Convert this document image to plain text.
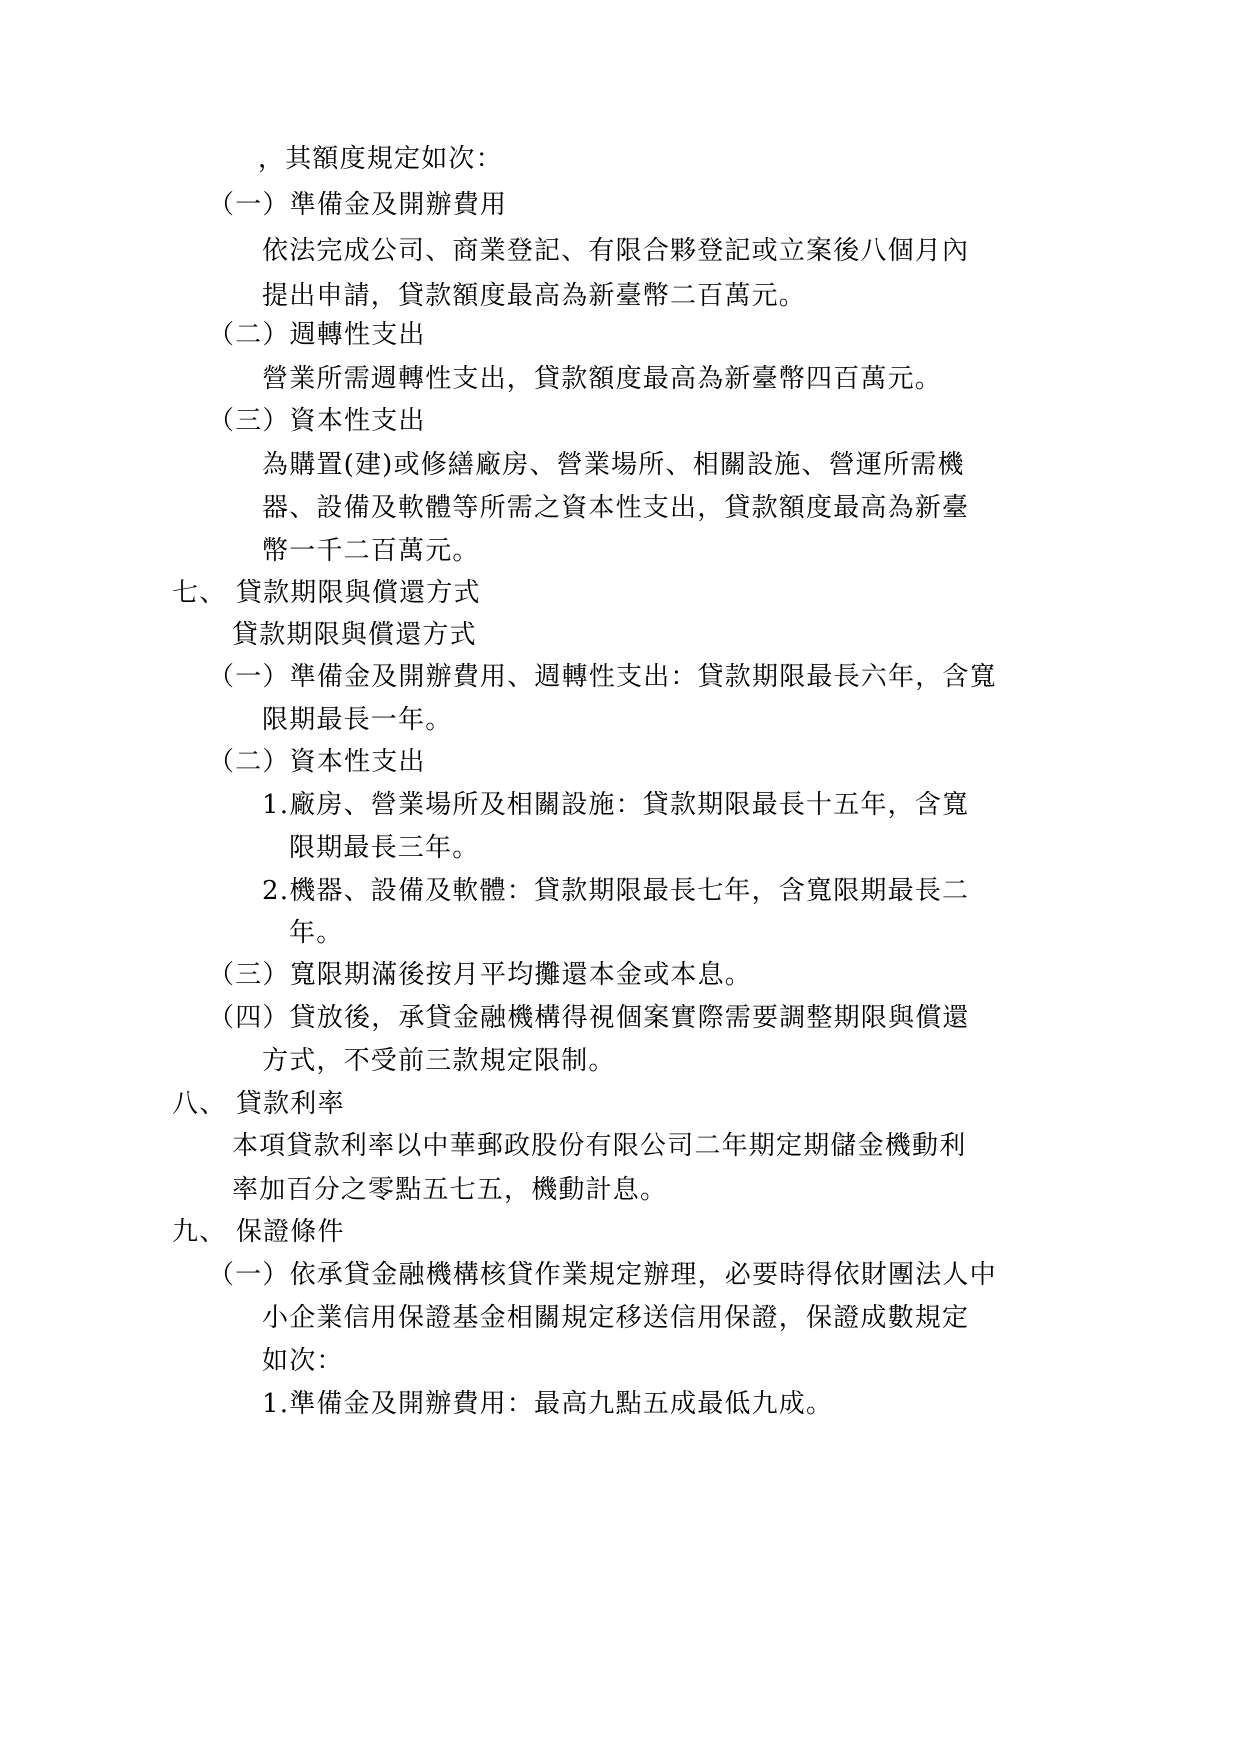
，其額度規定如次：
（一）準備金及開辦費用
依法完成公司、商業登記、有限合夥登記或立案後八個月內
提出申請，貸款額度最高為新臺幣二百萬元。
（二）週轉性支出
營業所需週轉性支出，貸款額度最高為新臺幣四百萬元。
（三）資本性支出
為購置(建)或修繕廠房、營業場所、相關設施、營運所需機
器、設備及軟體等所需之資本性支出，貸款額度最高為新臺
幣一千二百萬元。
七、 貸款期限與償還方式
貸款期限與償還方式
（一）準備金及開辦費用、週轉性支出：貸款期限最長六年，含寬
限期最長一年。
（二）資本性支出
1.廠房、營業場所及相關設施：貸款期限最長十五年，含寬
限期最長三年。
2.機器、設備及軟體：貸款期限最長七年，含寬限期最長二
年。
（三）寬限期滿後按月平均攤還本金或本息。
（四）貸放後，承貸金融機構得視個案實際需要調整期限與償還
方式，不受前三款規定限制。
八、 貸款利率
本項貸款利率以中華郵政股份有限公司二年期定期儲金機動利
率加百分之零點五七五，機動計息。
九、 保證條件
（一）依承貸金融機構核貸作業規定辦理，必要時得依財團法人中
小企業信用保證基金相關規定移送信用保證，保證成數規定
如次：
1.準備金及開辦費用：最高九點五成最低九成。
